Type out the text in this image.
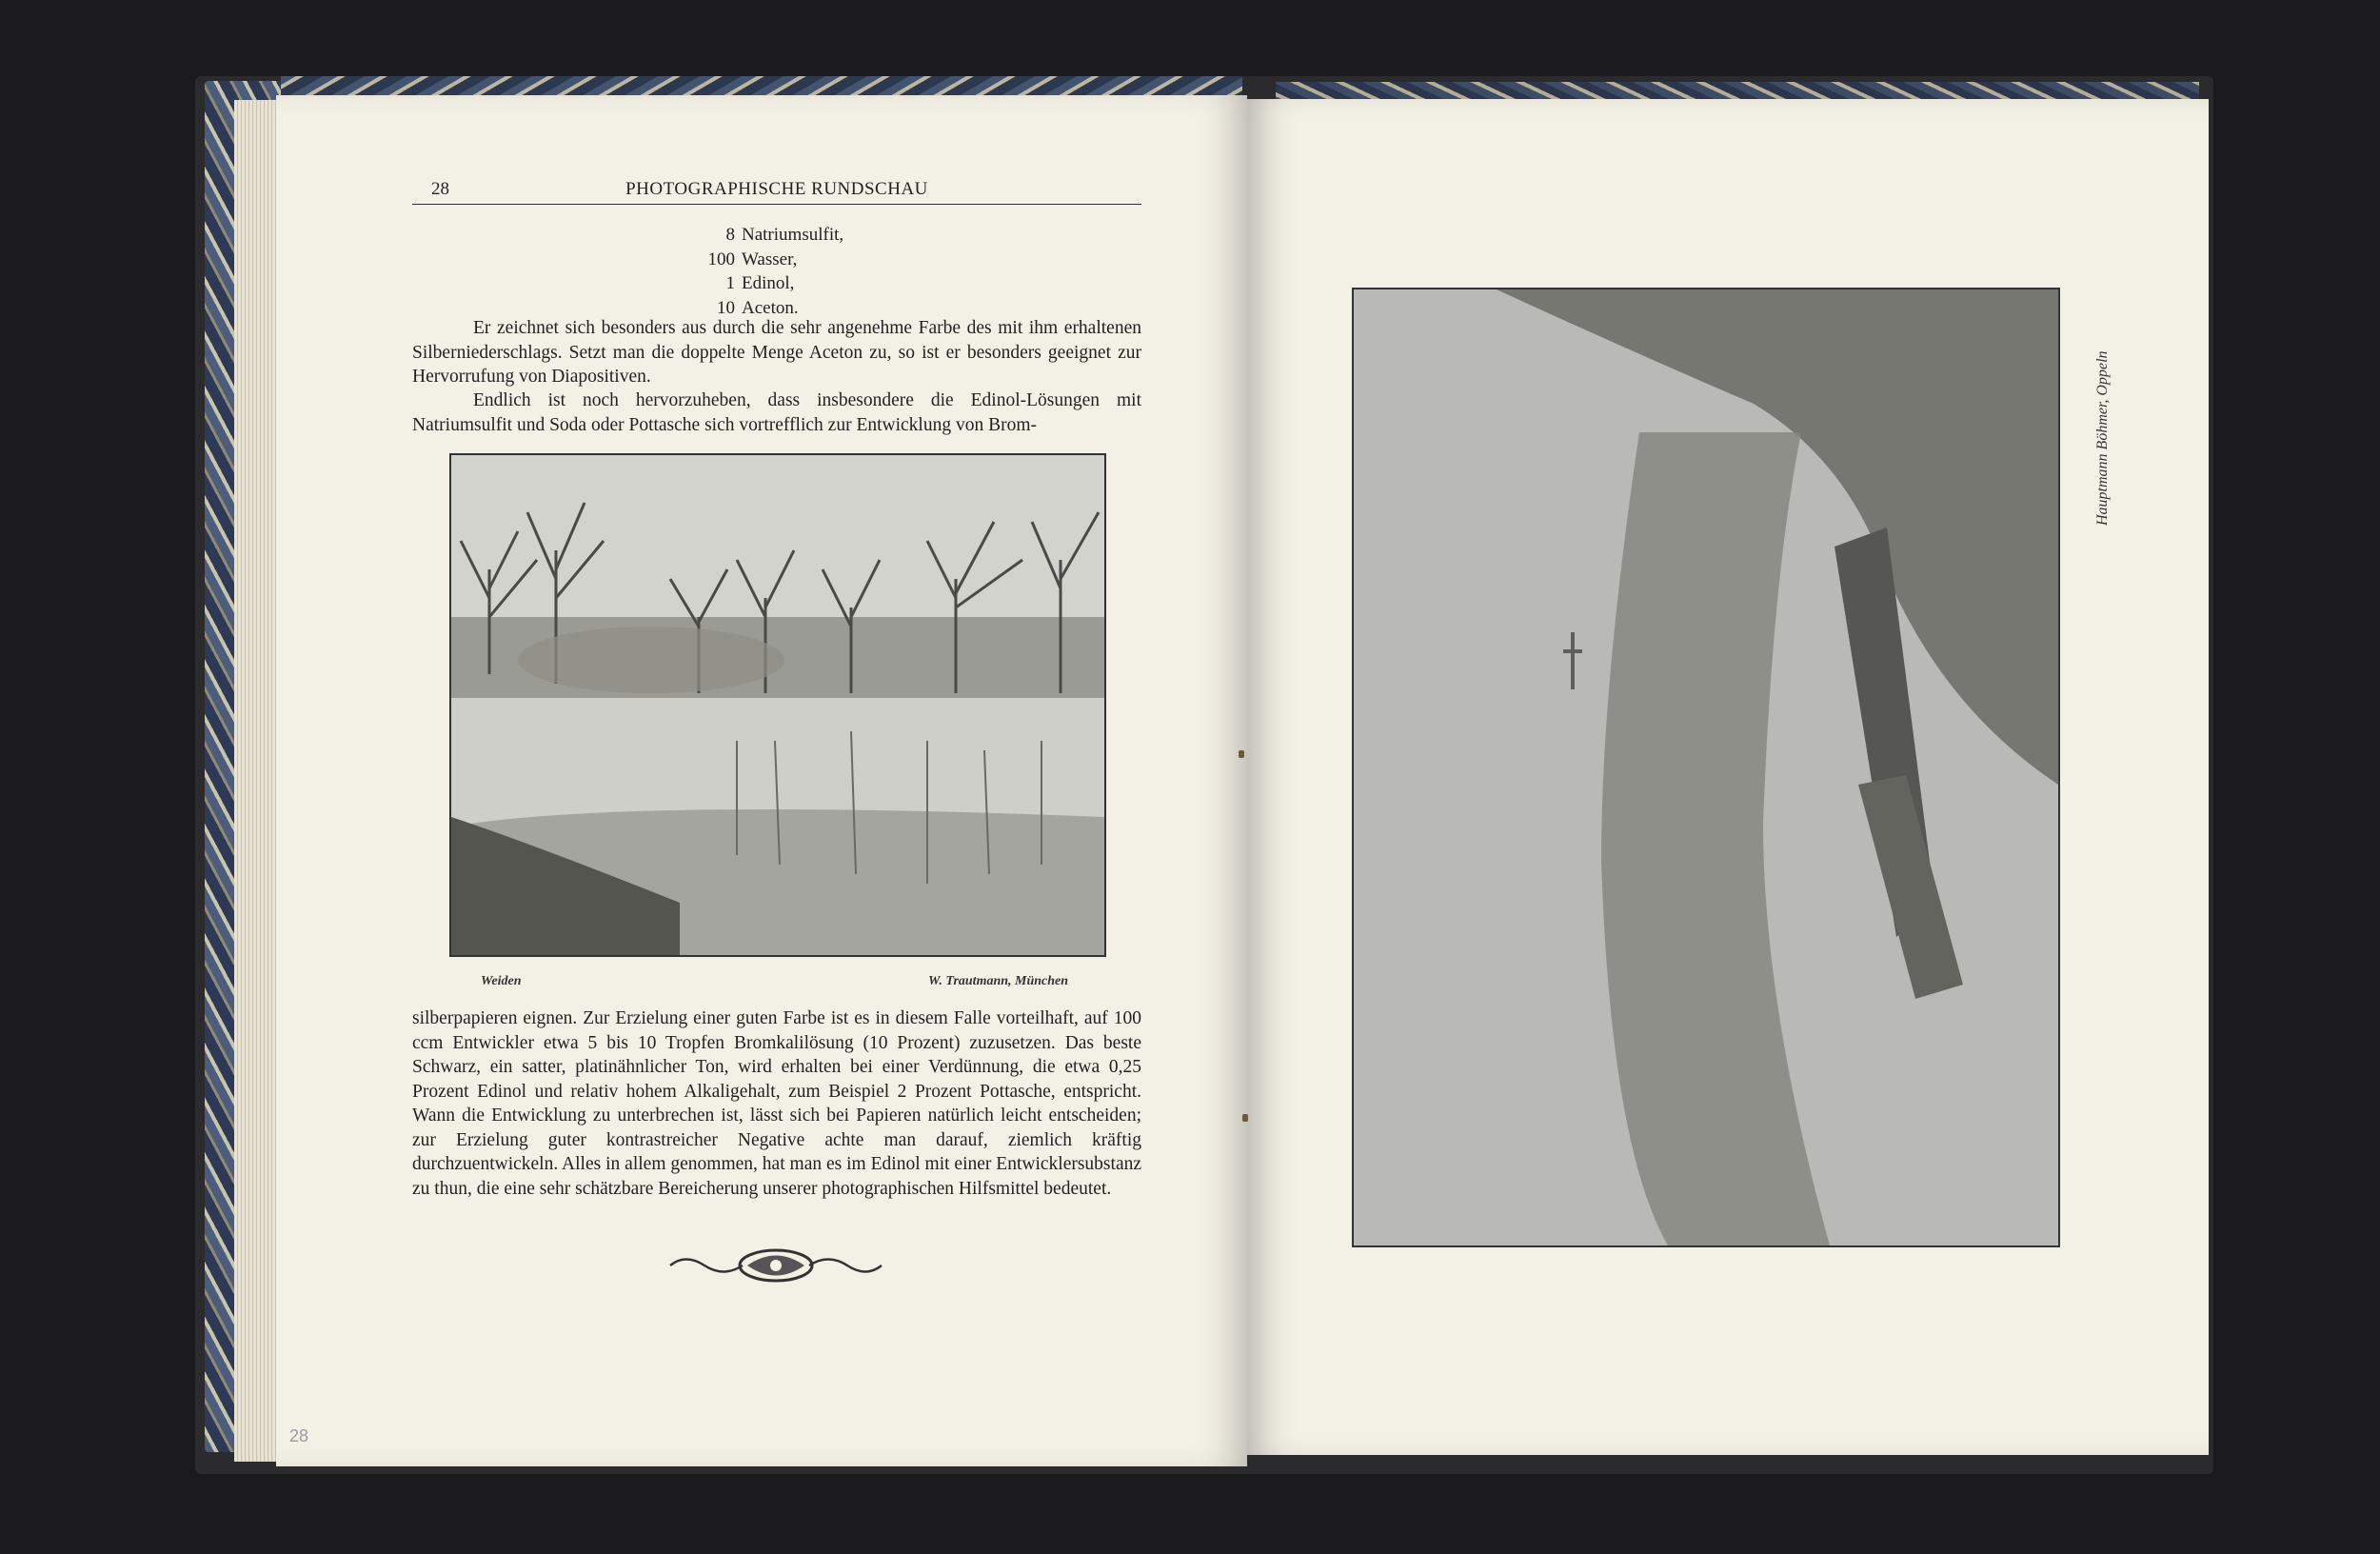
28	PHOTOGRAPHISCHE RUNDSCHAU
8 Natriumsulfit,
100 Wasser,
1 Edinol,
10 Aceton.

Er zeichnet sich besonders aus durch die sehr angenehme Farbe des mit ihm erhaltenen Silberniederschlags. Setzt man die doppelte Menge Aceton zu, so ist er besonders geeignet zur Hervorrufung von Diapositiven.

Endlich ist noch hervorzuheben, dass insbesondere die Edinol-Lösungen mit Natriumsulfit und Soda oder Pottasche sich vortrefflich zur Entwicklung von Brom-

Weiden	W. Trautmann, München

silberpapieren eignen. Zur Erzielung einer guten Farbe ist es in diesem Falle vorteilhaft, auf 100 ccm Entwickler etwa 5 bis 10 Tropfen Bromkalilösung (10 Prozent) zuzusetzen. Das beste Schwarz, ein satter, platinähnlicher Ton, wird erhalten bei einer Verdünnung, die etwa 0,25 Prozent Edinol und relativ hohem Alkaligehalt, zum Beispiel 2 Prozent Pottasche, entspricht. Wann die Entwicklung zu unterbrechen ist, lässt sich bei Papieren natürlich leicht entscheiden; zur Erzielung guter kontrastreicher Negative achte man darauf, ziemlich kräftig durchzuentwickeln. Alles in allem genommen, hat man es im Edinol mit einer Entwicklersubstanz zu thun, die eine sehr schätzbare Bereicherung unserer photographischen Hilfsmittel bedeutet.

28
Hauptmann Böhmer, Oppeln
